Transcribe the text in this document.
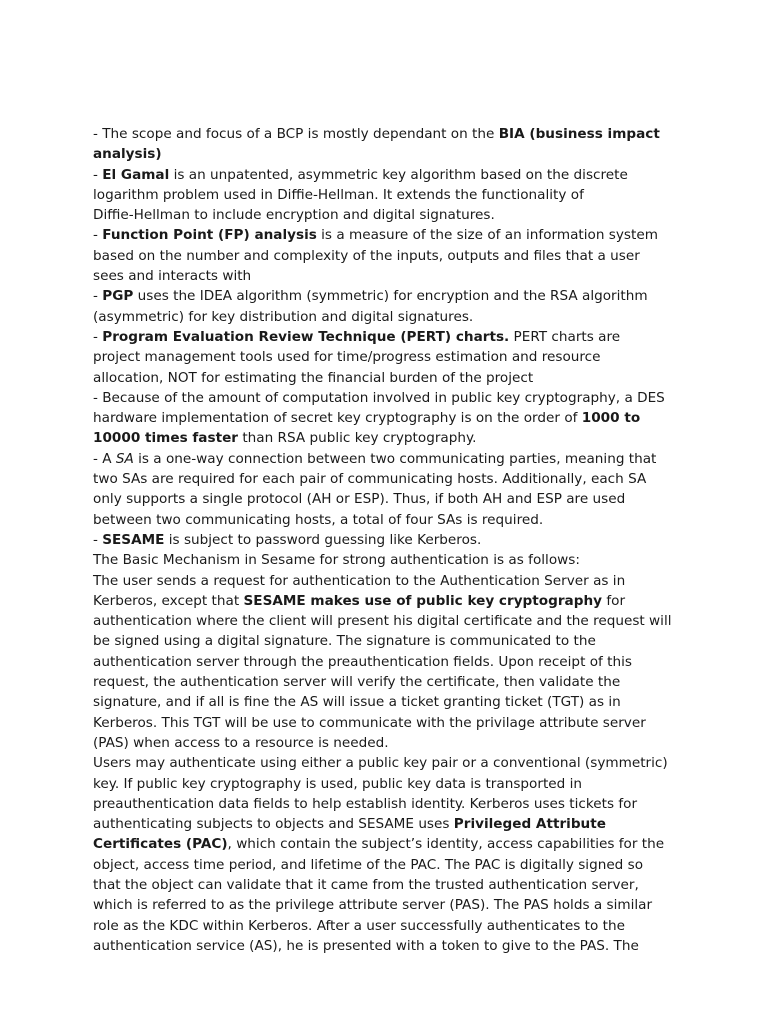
- The scope and focus of a BCP is mostly dependant on the BIA (business impact
analysis)
- El Gamal is an unpatented, asymmetric key algorithm based on the discrete
logarithm problem used in Diffie-Hellman. It extends the functionality of
Diffie-Hellman to include encryption and digital signatures.
- Function Point (FP) analysis is a measure of the size of an information system
based on the number and complexity of the inputs, outputs and files that a user
sees and interacts with
- PGP uses the IDEA algorithm (symmetric) for encryption and the RSA algorithm
(asymmetric) for key distribution and digital signatures.
- Program Evaluation Review Technique (PERT) charts. PERT charts are
project management tools used for time/progress estimation and resource
allocation, NOT for estimating the financial burden of the project
- Because of the amount of computation involved in public key cryptography, a DES
hardware implementation of secret key cryptography is on the order of 1000 to
10000 times faster than RSA public key cryptography.
- A SA is a one-way connection between two communicating parties, meaning that
two SAs are required for each pair of communicating hosts. Additionally, each SA
only supports a single protocol (AH or ESP). Thus, if both AH and ESP are used
between two communicating hosts, a total of four SAs is required.
- SESAME is subject to password guessing like Kerberos.
The Basic Mechanism in Sesame for strong authentication is as follows:
The user sends a request for authentication to the Authentication Server as in
Kerberos, except that SESAME makes use of public key cryptography for
authentication where the client will present his digital certificate and the request will
be signed using a digital signature. The signature is communicated to the
authentication server through the preauthentication fields. Upon receipt of this
request, the authentication server will verify the certificate, then validate the
signature, and if all is fine the AS will issue a ticket granting ticket (TGT) as in
Kerberos. This TGT will be use to communicate with the privilage attribute server
(PAS) when access to a resource is needed.
Users may authenticate using either a public key pair or a conventional (symmetric)
key. If public key cryptography is used, public key data is transported in
preauthentication data fields to help establish identity. Kerberos uses tickets for
authenticating subjects to objects and SESAME uses Privileged Attribute
Certificates (PAC), which contain the subject’s identity, access capabilities for the
object, access time period, and lifetime of the PAC. The PAC is digitally signed so
that the object can validate that it came from the trusted authentication server,
which is referred to as the privilege attribute server (PAS). The PAS holds a similar
role as the KDC within Kerberos. After a user successfully authenticates to the
authentication service (AS), he is presented with a token to give to the PAS. The
